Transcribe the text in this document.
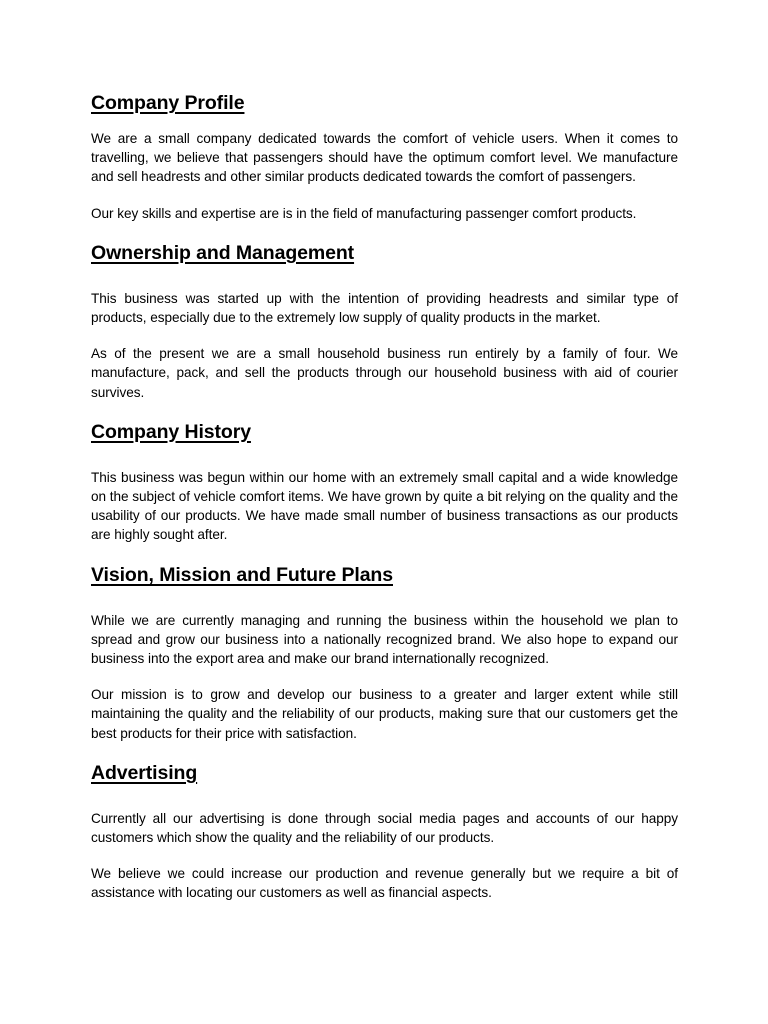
Company Profile

We are a small company dedicated towards the comfort of vehicle users. When it comes to travelling, we believe that passengers should have the optimum comfort level. We manufacture and sell headrests and other similar products dedicated towards the comfort of passengers.

Our key skills and expertise are is in the field of manufacturing passenger comfort products.

Ownership and Management

This business was started up with the intention of providing headrests and similar type of products, especially due to the extremely low supply of quality products in the market.

As of the present we are a small household business run entirely by a family of four. We manufacture, pack, and sell the products through our household business with aid of courier survives.

Company History

This business was begun within our home with an extremely small capital and a wide knowledge on the subject of vehicle comfort items. We have grown by quite a bit relying on the quality and the usability of our products. We have made small number of business transactions as our products are highly sought after.

Vision, Mission and Future Plans

While we are currently managing and running the business within the household we plan to spread and grow our business into a nationally recognized brand. We also hope to expand our business into the export area and make our brand internationally recognized.

Our mission is to grow and develop our business to a greater and larger extent while still maintaining the quality and the reliability of our products, making sure that our customers get the best products for their price with satisfaction.

Advertising

Currently all our advertising is done through social media pages and accounts of our happy customers which show the quality and the reliability of our products.

We believe we could increase our production and revenue generally but we require a bit of assistance with locating our customers as well as financial aspects.
